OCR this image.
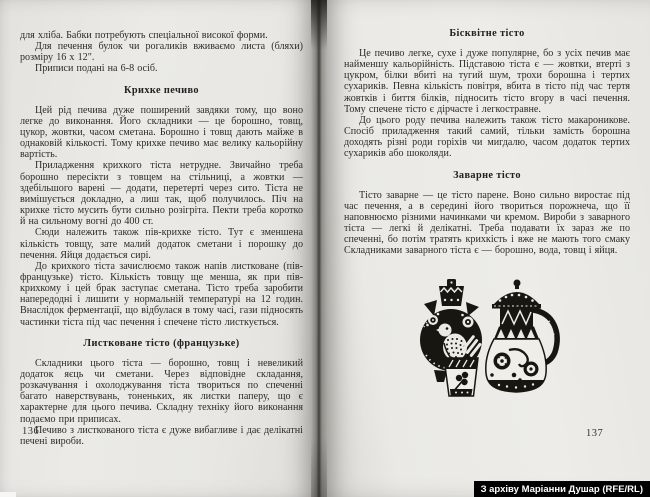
для хліба. Бабки потребують спеціальної високої форми.

Для печення булок чи рогаликів вживаємо листа (бляхи) розміру 16 x 12".

Приписи подані на 6-8 осіб.

Крихке печиво

Цей рід печива дуже поширений завдяки тому, що воно легке до виконання. Його складники — це борошно, товщ, цукор, жовтки, часом сметана. Борошно і товщ дають майже в однаковій кількості. Тому крихке печиво має велику кальорійну вартість.

Приладження крихкого тіста нетрудне. Звичайно треба борошно пересікти з товщем на стільниці, а жовтки — здебільшого варені — додати, перетерті через сито. Тіста не вимішується докладно, а лиш так, щоб получилось. Піч на крихке тісто мусить бути сильно розігріта. Пекти треба коротко й на сильному вогні до 400 ст.

Сюди належить також пів-крихке тісто. Тут є зменшена кількість товщу, зате малий додаток сметани і порошку до печення. Яйця додається сирі.

До крихкого тіста зачислюємо також напів листковане (пів-французьке) тісто. Кількість товщу ще менша, як при пів-крихкому і цей брак заступає сметана. Тісто треба заробити напередодні і лишити у нормальній температурі на 12 годин. Внаслідок ферментації, що відбулася в тому часі, гази підносять частинки тіста під час печення і спечене тісто листкується.

Листковане тісто (французьке)

Складники цього тіста — борошно, товщ і невеликий додаток яєць чи сметани. Через відповідне складання, розкачування і охолоджування тіста твориться по спеченні багато наверствувань, тоненьких, як листки паперу, що є характерне для цього печива. Складну техніку його виконання подаємо при приписах.

Печиво з листкованого тіста є дуже вибагливе і дає делікатні печені вироби.

136
Бісквітне тісто

Це печиво легке, сухе і дуже популярне, бо з усіх печив має найменшу кальорійність. Підставою тіста є — жовтки, втерті з цукром, білки вбиті на тугий шум, трохи борошна і тертих сухариків. Певна кількість повітря, вбита в тісто під час тертя жовтків і биття білків, підносить тісто вгору в часі печення. Тому спечене тісто є дірчасте і легкостравне.

До цього роду печива належить також тісто макароникове. Спосіб приладження такий самий, тільки замість борошна доходять різні роди горіхів чи мигдалю, часом додаток тертих сухариків або шоколяди.

Заварне тісто

Тісто заварне — це тісто парене. Воно сильно виростає під час печення, а в середині його твориться порожнеча, що її наповнюємо різними начинками чи кремом. Вироби з заварного тіста — легкі й делікатні. Треба подавати їх зараз же по спеченні, бо потім тратять крихкість і вже не мають того смаку Складниками заварного тіста є — борошно, вода, товщ і яйця.

137
З архіву Маріанни Душар (RFE/RL)
